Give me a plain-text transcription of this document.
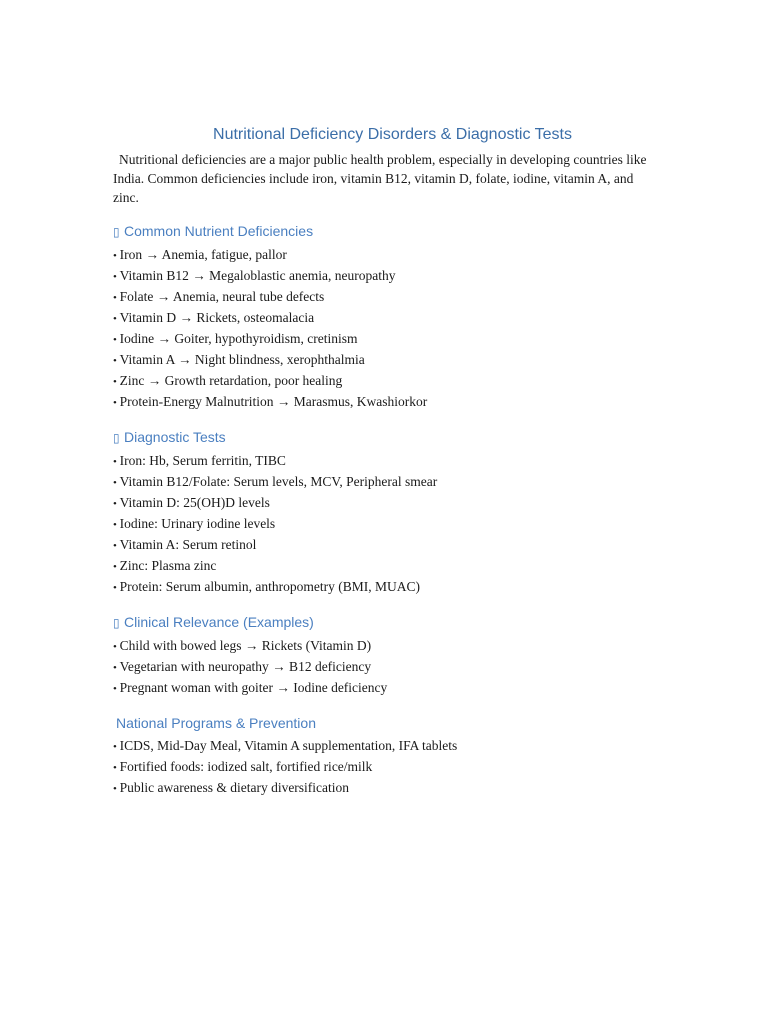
Nutritional Deficiency Disorders & Diagnostic Tests

Nutritional deficiencies are a major public health problem, especially in developing countries like India. Common deficiencies include iron, vitamin B12, vitamin D, folate, iodine, vitamin A, and zinc.

▯ Common Nutrient Deficiencies
• Iron → Anemia, fatigue, pallor
• Vitamin B12 → Megaloblastic anemia, neuropathy
• Folate → Anemia, neural tube defects
• Vitamin D → Rickets, osteomalacia
• Iodine → Goiter, hypothyroidism, cretinism
• Vitamin A → Night blindness, xerophthalmia
• Zinc → Growth retardation, poor healing
• Protein-Energy Malnutrition → Marasmus, Kwashiorkor
▯ Diagnostic Tests
• Iron: Hb, Serum ferritin, TIBC
• Vitamin B12/Folate: Serum levels, MCV, Peripheral smear
• Vitamin D: 25(OH)D levels
• Iodine: Urinary iodine levels
• Vitamin A: Serum retinol
• Zinc: Plasma zinc
• Protein: Serum albumin, anthropometry (BMI, MUAC)
▯ Clinical Relevance (Examples)
• Child with bowed legs → Rickets (Vitamin D)
• Vegetarian with neuropathy → B12 deficiency
• Pregnant woman with goiter → Iodine deficiency
National Programs & Prevention
• ICDS, Mid-Day Meal, Vitamin A supplementation, IFA tablets
• Fortified foods: iodized salt, fortified rice/milk
• Public awareness & dietary diversification
